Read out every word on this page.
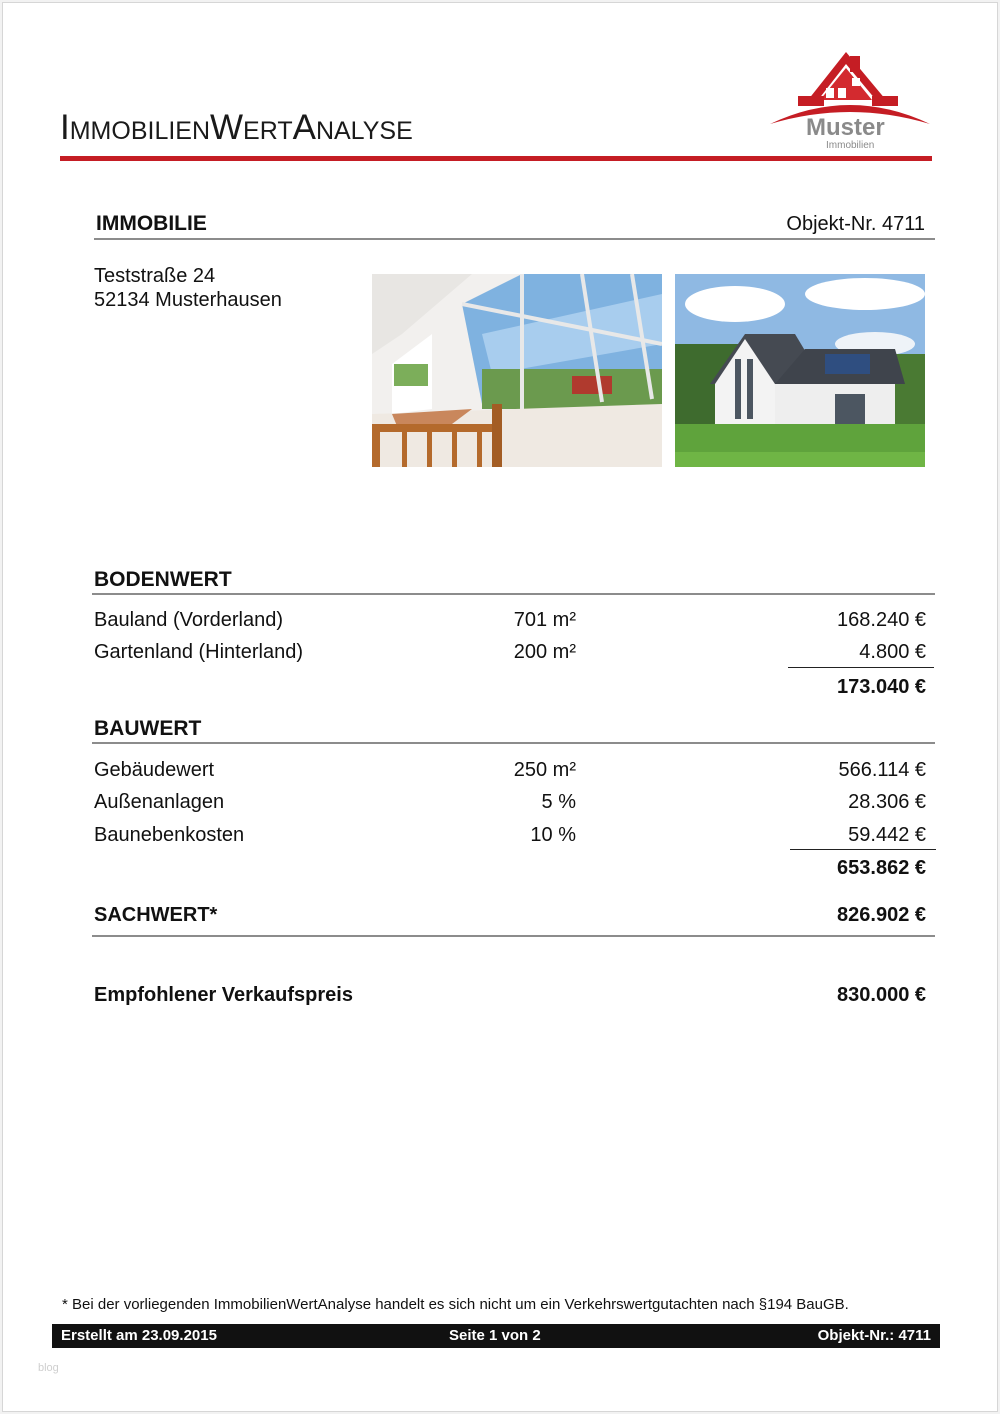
ImmobilienWertAnalyse	Muster
Immobilien
IMMOBILIE	Objekt-Nr. 4711
Teststraße 24
52134 Musterhausen
BODENWERT
Bauland (Vorderland)	701 m²	168.240 €
Gartenland (Hinterland)	200 m²	4.800 €
173.040 €
BAUWERT
Gebäudewert	250 m²	566.114 €
Außenanlagen	5 %	28.306 €
Baunebenkosten	10 %	59.442 €
653.862 €
SACHWERT*	826.902 €
Empfohlener Verkaufspreis	830.000 €
* Bei der vorliegenden ImmobilienWertAnalyse handelt es sich nicht um ein Verkehrswertgutachten nach §194 BauGB.
Erstellt am 23.09.2015	Seite 1 von 2	Objekt-Nr.: 4711
blog
